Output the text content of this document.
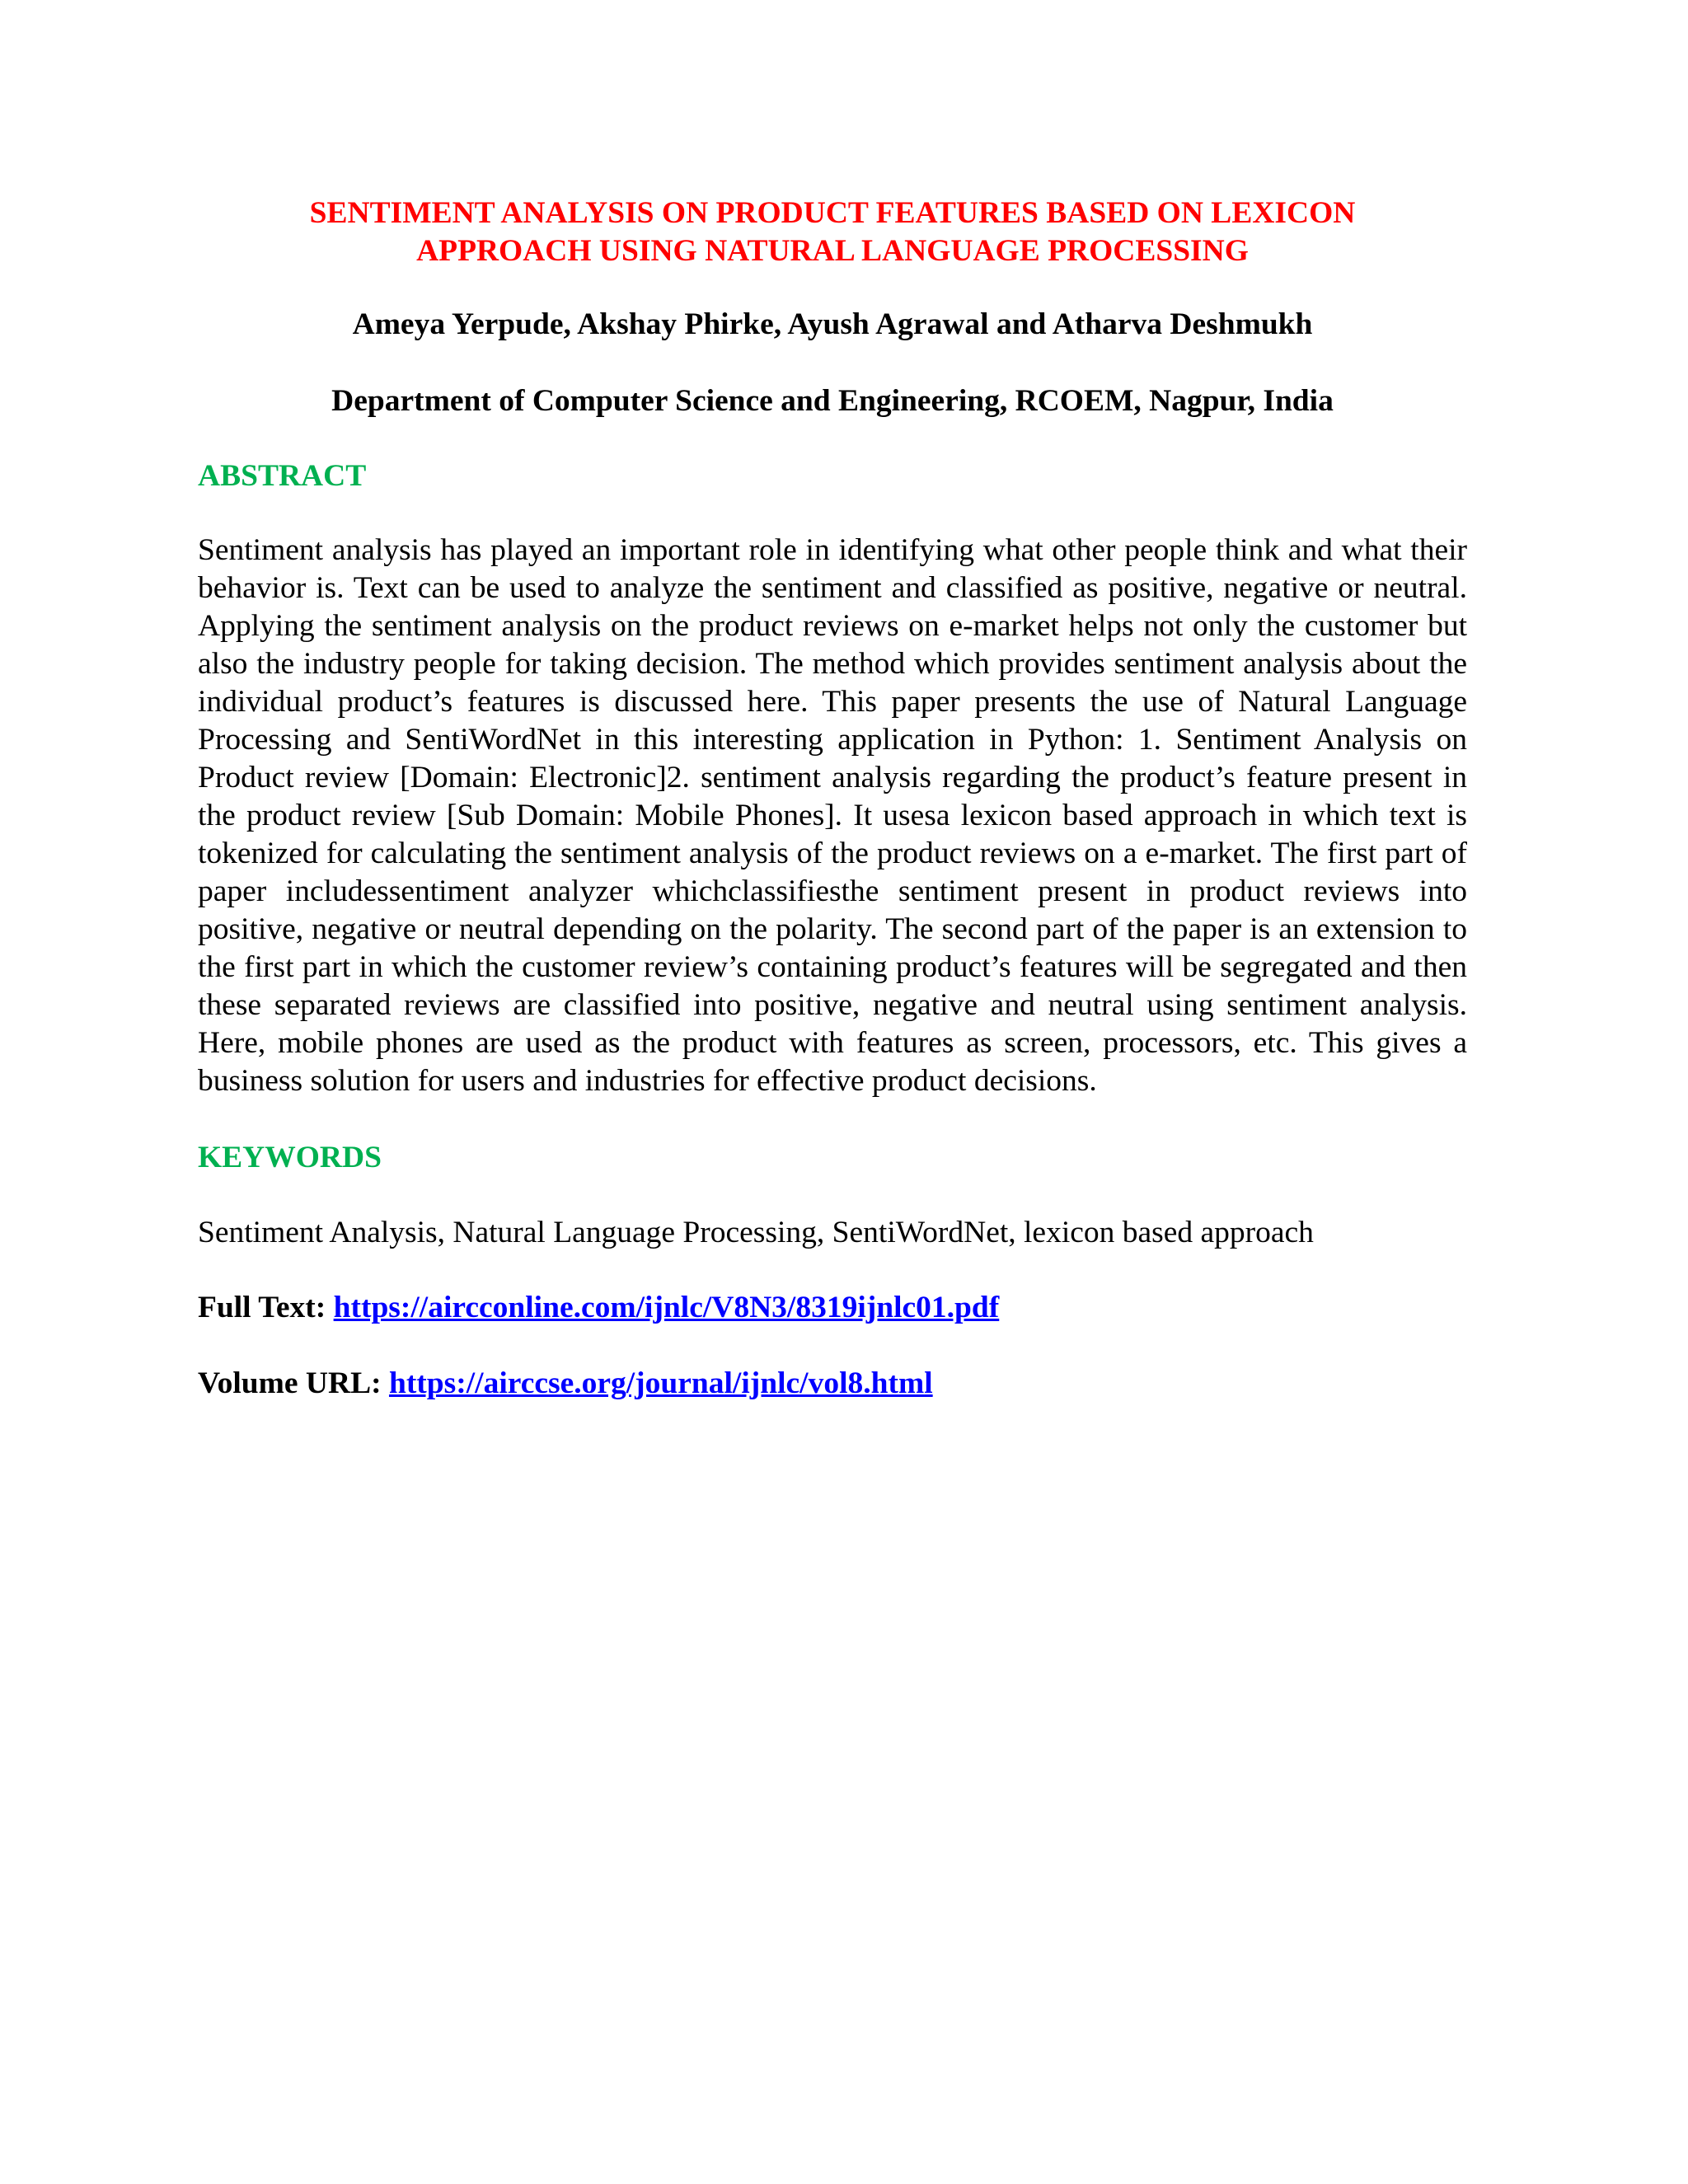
SENTIMENT ANALYSIS ON PRODUCT FEATURES BASED ON LEXICON
APPROACH USING NATURAL LANGUAGE PROCESSING
Ameya Yerpude, Akshay Phirke, Ayush Agrawal and Atharva Deshmukh
Department of Computer Science and Engineering, RCOEM, Nagpur, India
ABSTRACT

Sentiment analysis has played an important role in identifying what other people think and what their behavior is. Text can be used to analyze the sentiment and classified as positive, negative or neutral. Applying the sentiment analysis on the product reviews on e-market helps not only the customer but also the industry people for taking decision. The method which provides sentiment analysis about the individual product’s features is discussed here. This paper presents the use of Natural Language Processing and SentiWordNet in this interesting application in Python: 1. Sentiment Analysis on Product review [Domain: Electronic]2. sentiment analysis regarding the product’s feature present in the product review [Sub Domain: Mobile Phones]. It usesa lexicon based approach in which text is tokenized for calculating the sentiment analysis of the product reviews on a e-market. The first part of paper includessentiment analyzer whichclassifiesthe sentiment present in product reviews into positive, negative or neutral depending on the polarity. The second part of the paper is an extension to the first part in which the customer review’s containing product’s features will be segregated and then these separated reviews are classified into positive, negative and neutral using sentiment analysis. Here, mobile phones are used as the product with features as screen, processors, etc. This gives a business solution for users and industries for effective product decisions.

KEYWORDS
Sentiment Analysis, Natural Language Processing, SentiWordNet, lexicon based approach
Full Text: https://aircconline.com/ijnlc/V8N3/8319ijnlc01.pdf
Volume URL: https://airccse.org/journal/ijnlc/vol8.html
